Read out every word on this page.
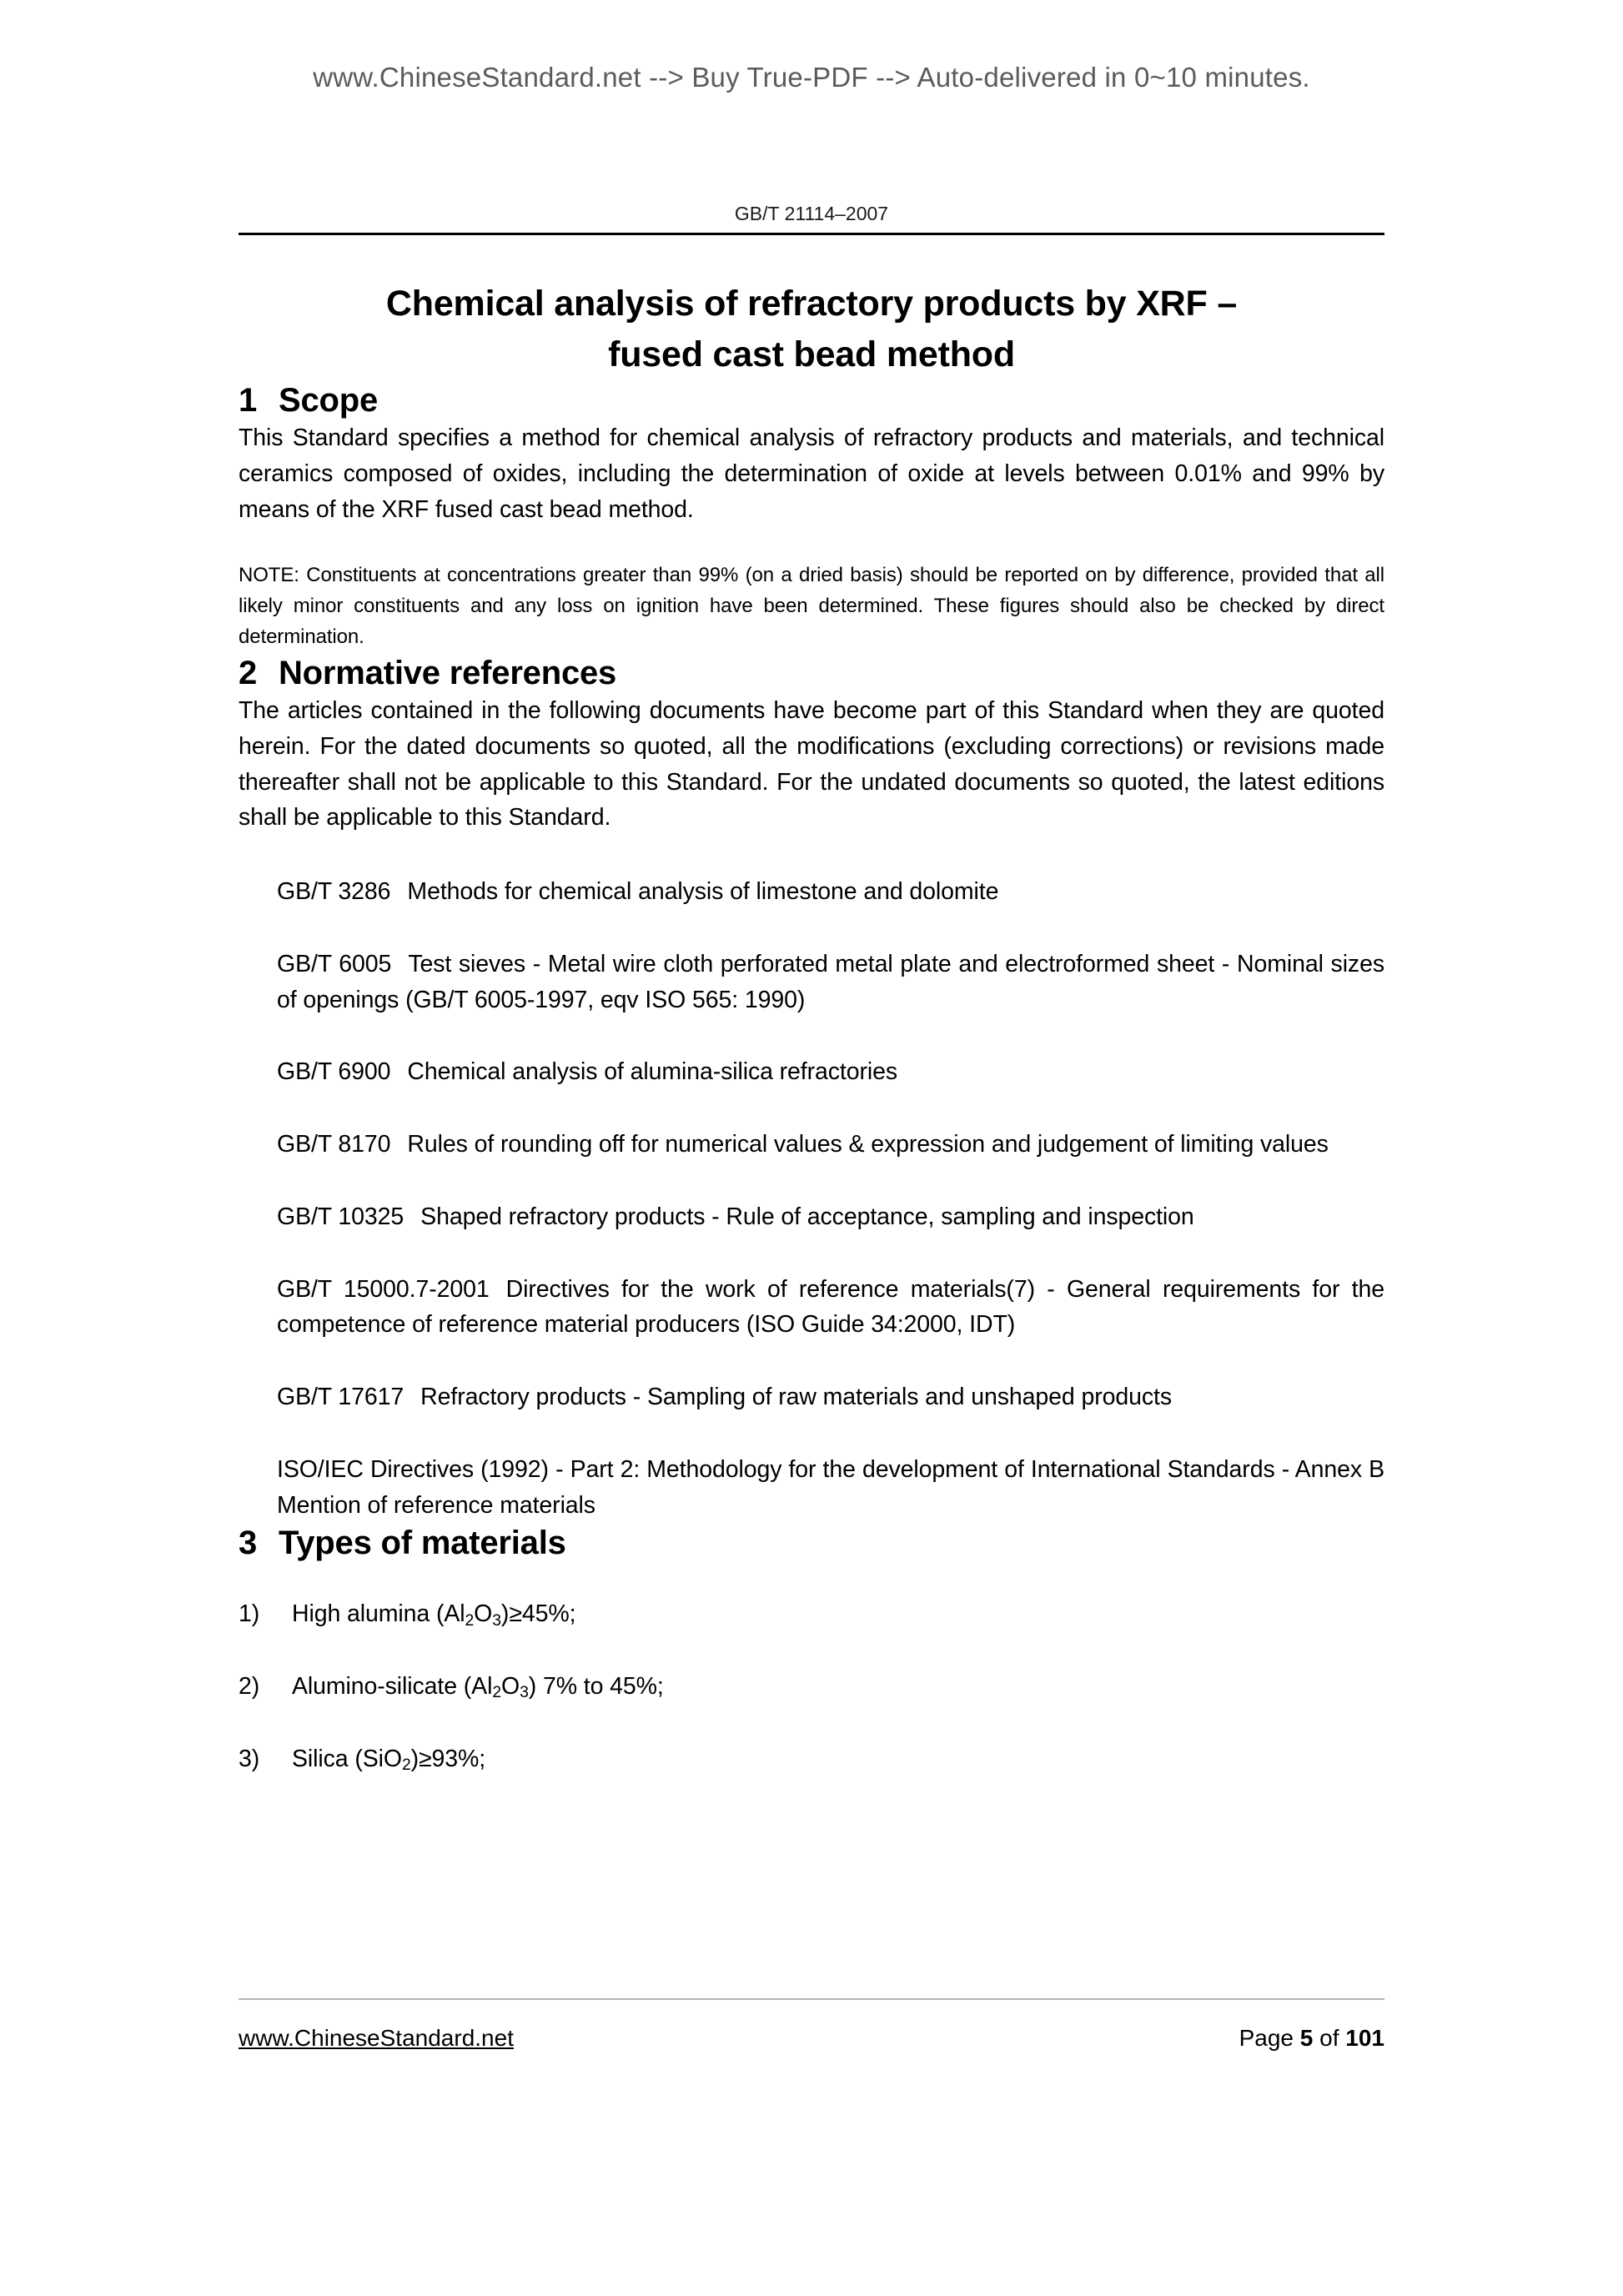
www.ChineseStandard.net --> Buy True-PDF --> Auto-delivered in 0~10 minutes.
GB/T 21114–2007
Chemical analysis of refractory products by XRF –
fused cast bead method
1 Scope

This Standard specifies a method for chemical analysis of refractory products and materials, and technical ceramics composed of oxides, including the determination of oxide at levels between 0.01% and 99% by means of the XRF fused cast bead method.

NOTE: Constituents at concentrations greater than 99% (on a dried basis) should be reported on by difference, provided that all likely minor constituents and any loss on ignition have been determined. These figures should also be checked by direct determination.

2 Normative references

The articles contained in the following documents have become part of this Standard when they are quoted herein. For the dated documents so quoted, all the modifications (excluding corrections) or revisions made thereafter shall not be applicable to this Standard. For the undated documents so quoted, the latest editions shall be applicable to this Standard.

GB/T 3286 Methods for chemical analysis of limestone and dolomite
GB/T 6005 Test sieves - Metal wire cloth perforated metal plate and electroformed sheet - Nominal sizes of openings (GB/T 6005-1997, eqv ISO 565: 1990)
GB/T 6900 Chemical analysis of alumina-silica refractories
GB/T 8170 Rules of rounding off for numerical values & expression and judgement of limiting values
GB/T 10325 Shaped refractory products - Rule of acceptance, sampling and inspection
GB/T 15000.7-2001 Directives for the work of reference materials(7) - General requirements for the competence of reference material producers (ISO Guide 34:2000, IDT)
GB/T 17617 Refractory products - Sampling of raw materials and unshaped products
ISO/IEC Directives (1992) - Part 2: Methodology for the development of International Standards - Annex B Mention of reference materials
3 Types of materials
1) High alumina $(Al_2O_3)\ge 45\%$;
2) Alumino-silicate $(Al_2O_3)$ 7% to 45%;
3) Silica (SiO$_2$)≥93%;
www.ChineseStandard.net	Page 5 of 101
